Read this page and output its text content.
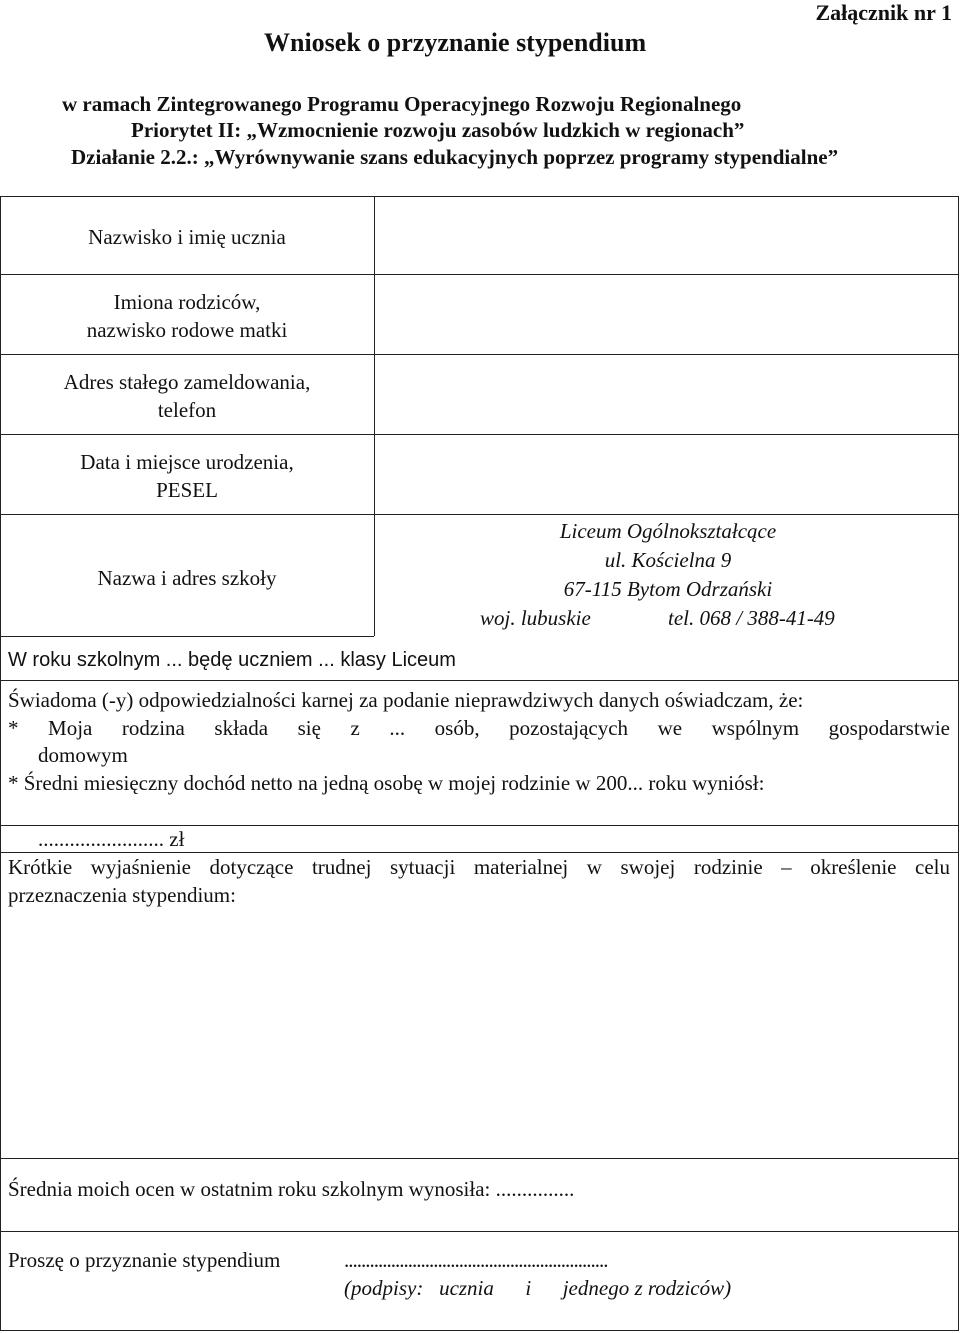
Załącznik nr 1
Wniosek o przyznanie stypendium
w ramach Zintegrowanego Programu Operacyjnego Rozwoju Regionalnego
Priorytet II: „Wzmocnienie rozwoju zasobów ludzkich w regionach”
Działanie 2.2.: „Wyrównywanie szans edukacyjnych poprzez programy stypendialne”
Nazwisko i imię ucznia
Imiona rodziców,
nazwisko rodowe matki
Adres stałego zameldowania,
telefon
Data i miejsce urodzenia,
PESEL
Nazwa i adres szkoły
Liceum Ogólnokształcące
ul. Kościelna 9
67-115 Bytom Odrzański
woj. lubuskie	tel. 068 / 388-41-49
W roku szkolnym ... będę uczniem ... klasy Liceum
Świadoma (-y) odpowiedzialności karnej za podanie nieprawdziwych danych oświadczam, że:
* Moja rodzina składa się z ... osób, pozostających we wspólnym gospodarstwie
domowym
* Średni miesięczny dochód netto na jedną osobę w mojej rodzinie w 200... roku wyniósł:
........................ zł
Krótkie wyjaśnienie dotyczące trudnej sytuacji materialnej w swojej rodzinie – określenie celu
przeznaczenia stypendium:
Średnia moich ocen w ostatnim roku szkolnym wynosiła: ...............
Proszę o przyznanie stypendium	..............................................................
(podpisy:   ucznia      i      jednego z rodziców)
